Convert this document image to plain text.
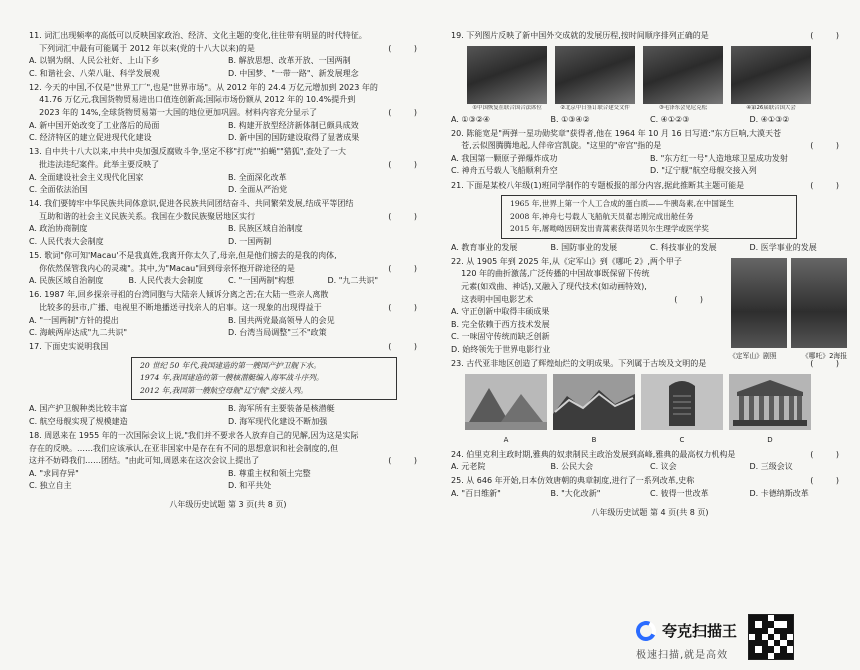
11. 词汇出现频率的高低可以反映国家政治、经济、文化主题的变化,往往带有明显的时代特征。

下列词汇中最有可能属于 2012 年以来(党的十八大以来)的是	( )

A. 以钢为纲、人民公社好、上山下乡	B. 解放思想、改革开放、一国两制
C. 和谐社会、八荣八耻、科学发展观	D. 中国梦、"一带一路"、新发展理念

12. 今天的中国,不仅是"世界工厂",也是"世界市场"。从 2012 年的 24.4 万亿元增加到 2023 年的

41.76 万亿元,我国货物贸易进出口值连创新高;国际市场份额从 2012 年的 10.4%提升到

2023 年的 14%,全球货物贸易第一大国的地位更加巩固。材料内容充分显示了	( )

A. 新中国开始改变了工业落后的局面	B. 构建开放型经济新体制已颇具成效
C. 经济特区的建立促进现代化建设	D. 新中国的国防建设取得了显著成果

13. 自中共十八大以来,中共中央加强反腐败斗争,坚定不移"打虎""拍蝇""猎狐",查处了一大

批违法违纪案件。此举主要反映了	( )

A. 全面建设社会主义现代化国家	B. 全面深化改革
C. 全面依法治国	D. 全面从严治党

14. 我们要铸牢中华民族共同体意识,促进各民族共同团结奋斗、共同繁荣发展,结成平等团结

互助和谐的社会主义民族关系。我国在少数民族聚居地区实行	( )

A. 政治协商制度	B. 民族区域自治制度
C. 人民代表大会制度	D. 一国两制

15. 歌词"你可知'Macau'不是我真姓,我离开你太久了,母亲,但是他们掳去的是我的肉体,

你依然保管我内心的灵魂"。其中,为"Macau"回到母亲怀抱开辟途径的是	( )

A. 民族区域自治制度	B. 人民代表大会制度	C. "一国两制"构想	D. "九二共识"

16. 1987 年,回乡探亲寻祖的台湾同胞与大陆亲人倾诉分离之苦;在大陆一些亲人离散

比较多的县市,广播、电视里不断地播送寻找亲人的启事。这一现象的出现得益于	( )

A. "一国两制"方针的提出	B. 国共两党最高领导人的会见
C. 海峡两岸达成"九二共识"	D. 台湾当局调整"三不"政策

17. 下面史实说明我国	( )

20 世纪 50 年代,我国建造的第一艘国产护卫舰下水。

1974 年,我国建造的第一艘核潜艇编入海军战斗序列。

2012 年,我国第一艘航空母舰"辽宁舰"交接入列。

A. 国产护卫舰种类比较丰富	B. 海军所有主要装备是核潜艇
C. 航空母舰实现了规模建造	D. 海军现代化建设不断加强

18. 周恩来在 1955 年的一次国际会议上说,"我们并不要求各人放弃自己的见解,因为这是实际

存在的反映。……我们应该承认,在亚非国家中是存在有不同的思想意识和社会制度的,但

这并不妨碍我们……团结。"由此可知,周恩来在这次会议上提出了	( )

A. "求同存异"	B. 尊重主权和领土完整
C. 独立自主	D. 和平共处
八年级历史试题 第 3 页(共 8 页)

19. 下列图片反映了新中国外交成就的发展历程,按时间顺序排列正确的是	( )

①中国恢复在联合国合法席位	②北京中日签订联合建交文件	③毛泽东会见尼克松	④第26届联合国大会
A. ①③②④	B. ①③④②	C. ④①②③	D. ④①③②

20. 陈能宽是"两弹一星功勋奖章"获得者,他在 1964 年 10 月 16 日写道:"东方巨响,大漠天苍

苍,云似图腾腾地起,人伴帝宫凯旋。"这里的"帝宫"指的是	( )

A. 我国第一颗原子弹爆炸成功	B. "东方红一号"人造地球卫星成功发射
C. 神舟五号载人飞船顺利升空	D. "辽宁舰"航空母舰交接入列

21. 下面是某校八年级(1)班同学制作的专题板报的部分内容,据此推断其主题可能是	( )

1965 年,世界上第一个人工合成的蛋白质——牛胰岛素,在中国诞生

2008 年,神舟七号载人飞船航天员翟志刚完成出舱任务

2015 年,屠呦呦因研发出青蒿素获得诺贝尔生理学或医学奖

A. 教育事业的发展	B. 国防事业的发展	C. 科技事业的发展	D. 医学事业的发展
《定军山》剧照	《哪吒》2海报

22. 从 1905 年到 2025 年,从《定军山》到《哪吒 2》,两个甲子

120 年的曲折激荡,广泛传播的中国故事既保留下传统

元素(如戏曲、神话),又融入了现代技术(如动画特效),

这表明中国电影艺术	( )

A. 守正创新中取得丰硕成果

B. 完全依赖于西方技术发展

C. 一味固守传统而缺乏创新

D. 始终领先于世界电影行业

23. 古代亚非地区创造了辉煌灿烂的文明成果。下列属于古埃及文明的是	( )

A	B	C	D

24. 伯里克利主政时期,雅典的奴隶制民主政治发展到高峰,雅典的最高权力机构是	( )

A. 元老院	B. 公民大会	C. 议会	D. 三级会议

25. 从 646 年开始,日本仿效唐朝的典章制度,进行了一系列改革,史称	( )

A. "百日维新"	B. "大化改新"	C. 彼得一世改革	D. 卡德纳斯改革
八年级历史试题 第 4 页(共 8 页)
夸克扫描王
极速扫描,就是高效
